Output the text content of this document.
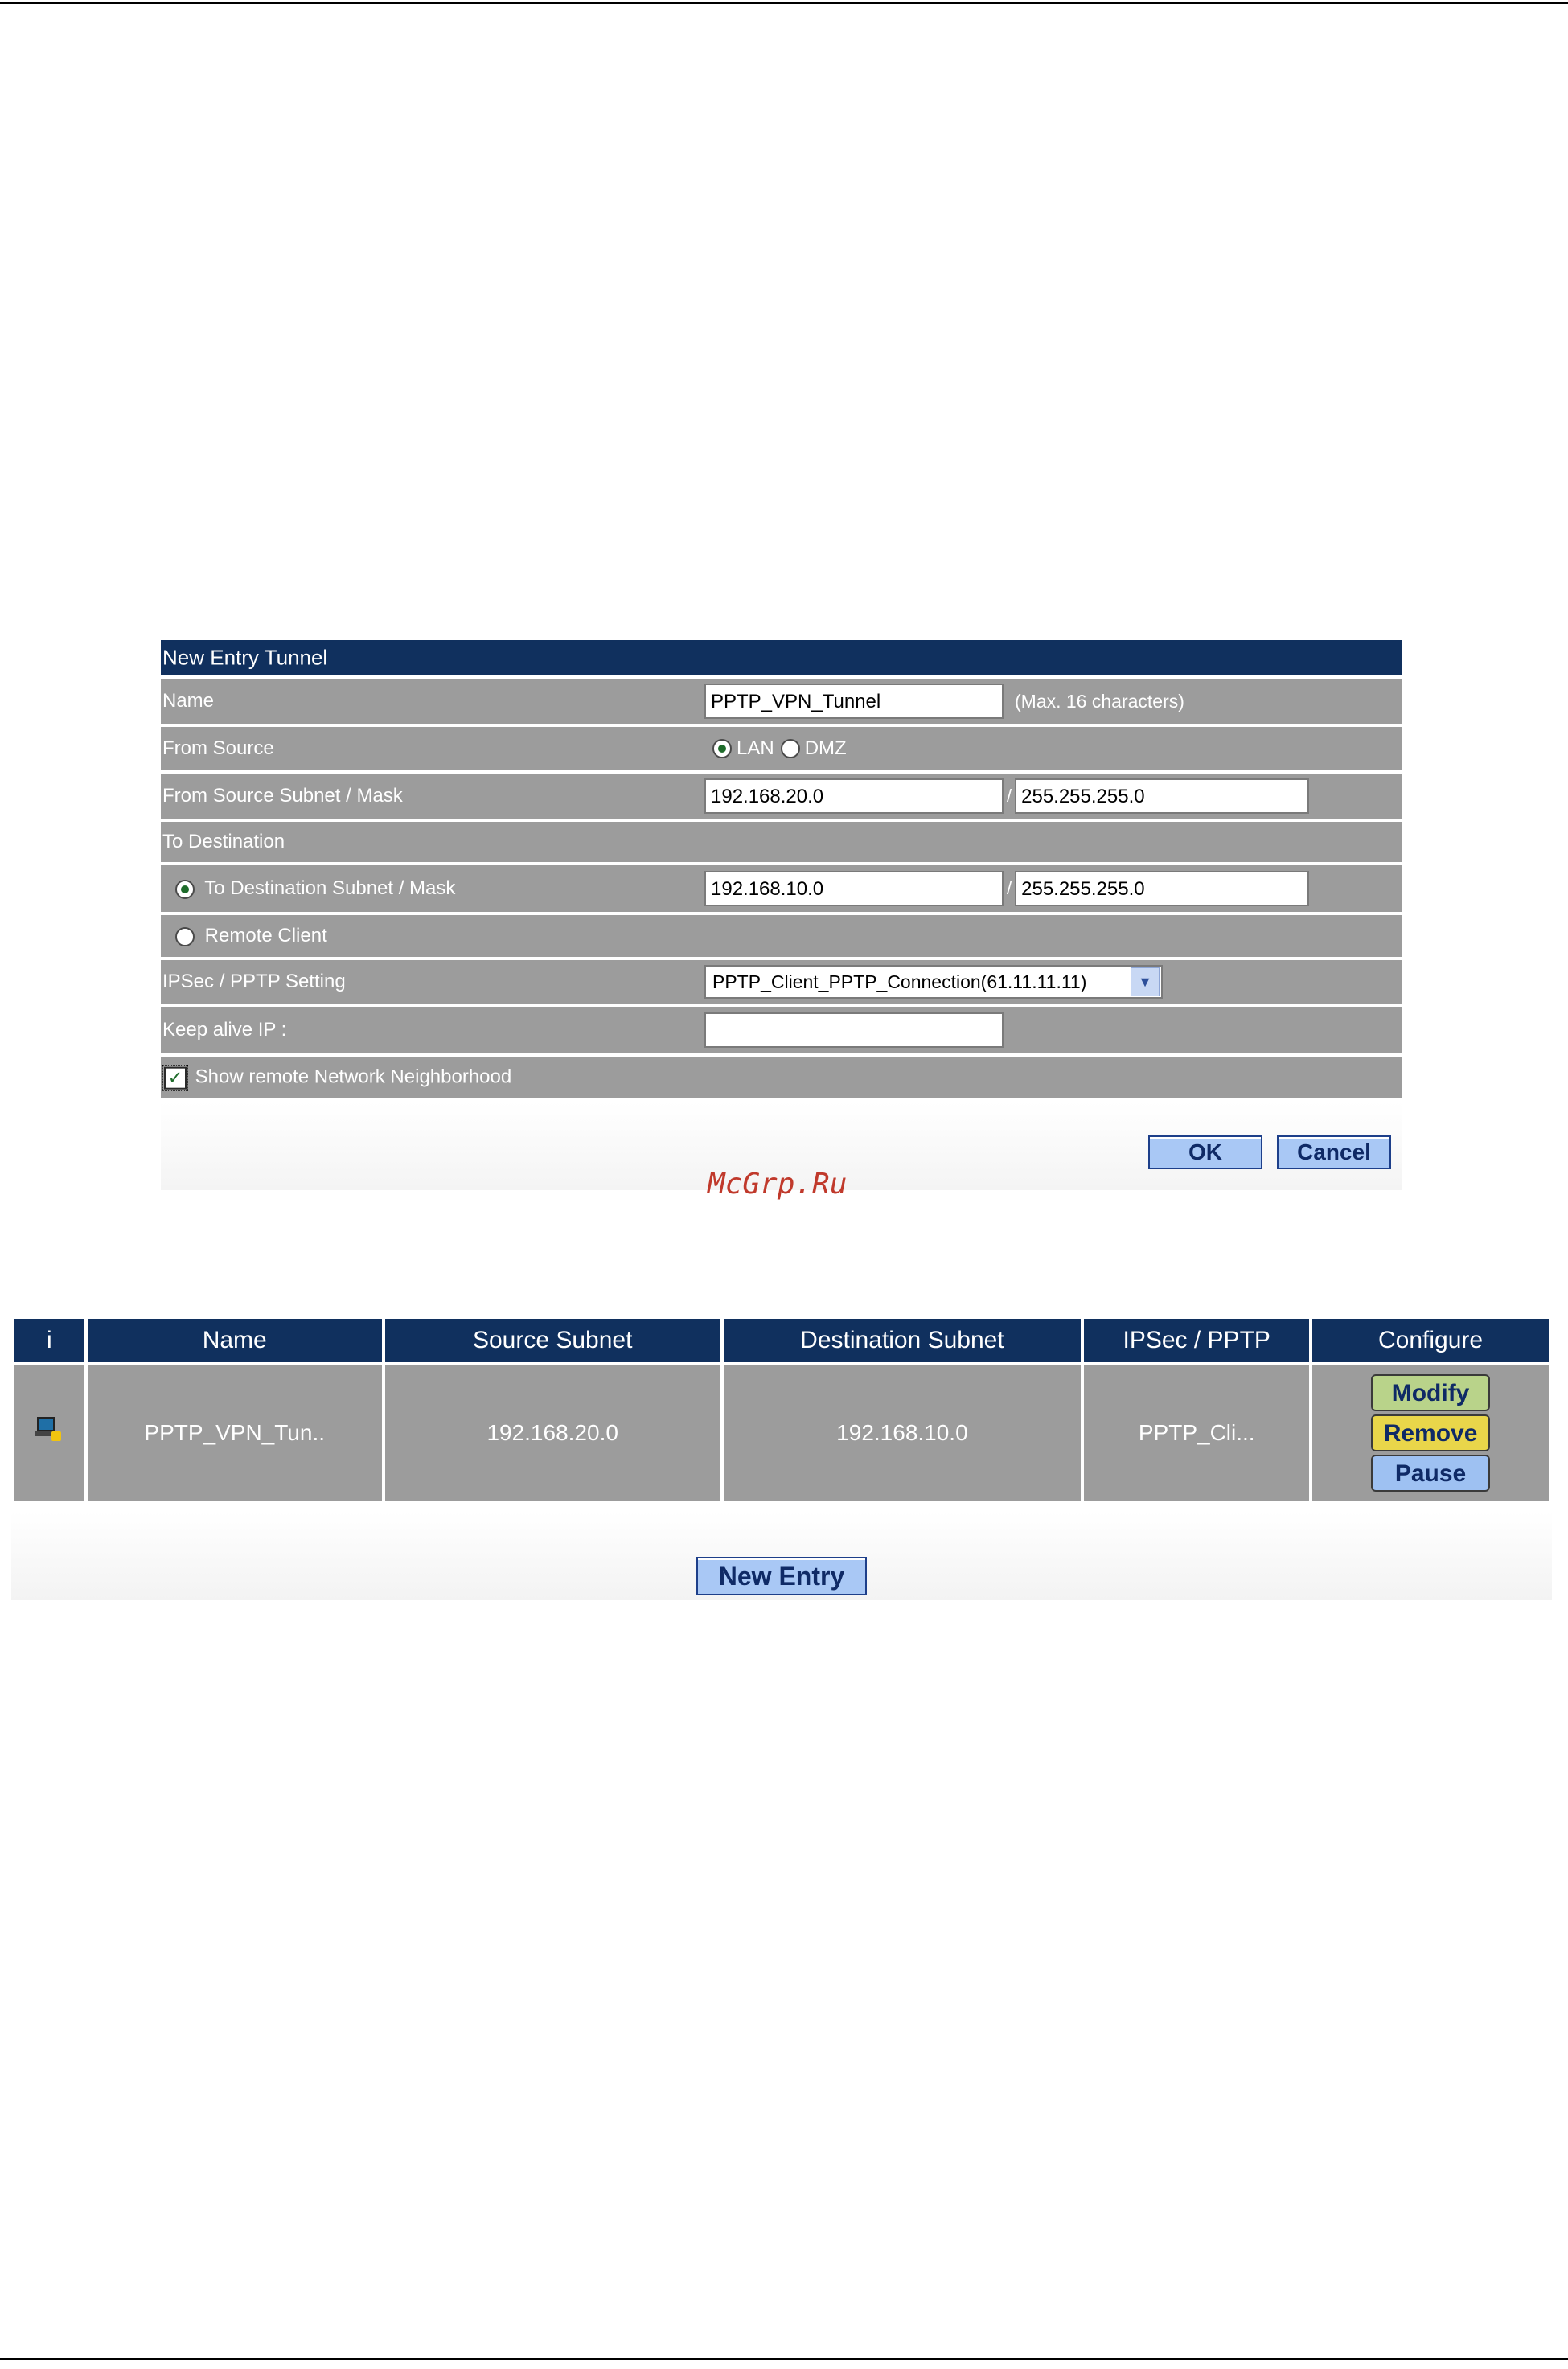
New Entry Tunnel
Name	PPTP_VPN_Tunnel	(Max. 16 characters)
From Source	LAN DMZ
From Source Subnet / Mask	192.168.20.0	/ 255.255.255.0
To Destination
To Destination Subnet / Mask	192.168.10.0	/ 255.255.255.0
Remote Client
IPSec / PPTP Setting	PPTP_Client_PPTP_Connection(61.11.11.11)	▼
Keep alive IP :
✓ Show remote Network Neighborhood
OK	Cancel
McGrp.Ru
i	Name	Source Subnet	Destination Subnet	IPSec / PPTP	Configure

	PPTP_VPN_Tun..	192.168.20.0	192.168.10.0	PPTP_Cli...	Modify
Remove
Pause
New Entry
